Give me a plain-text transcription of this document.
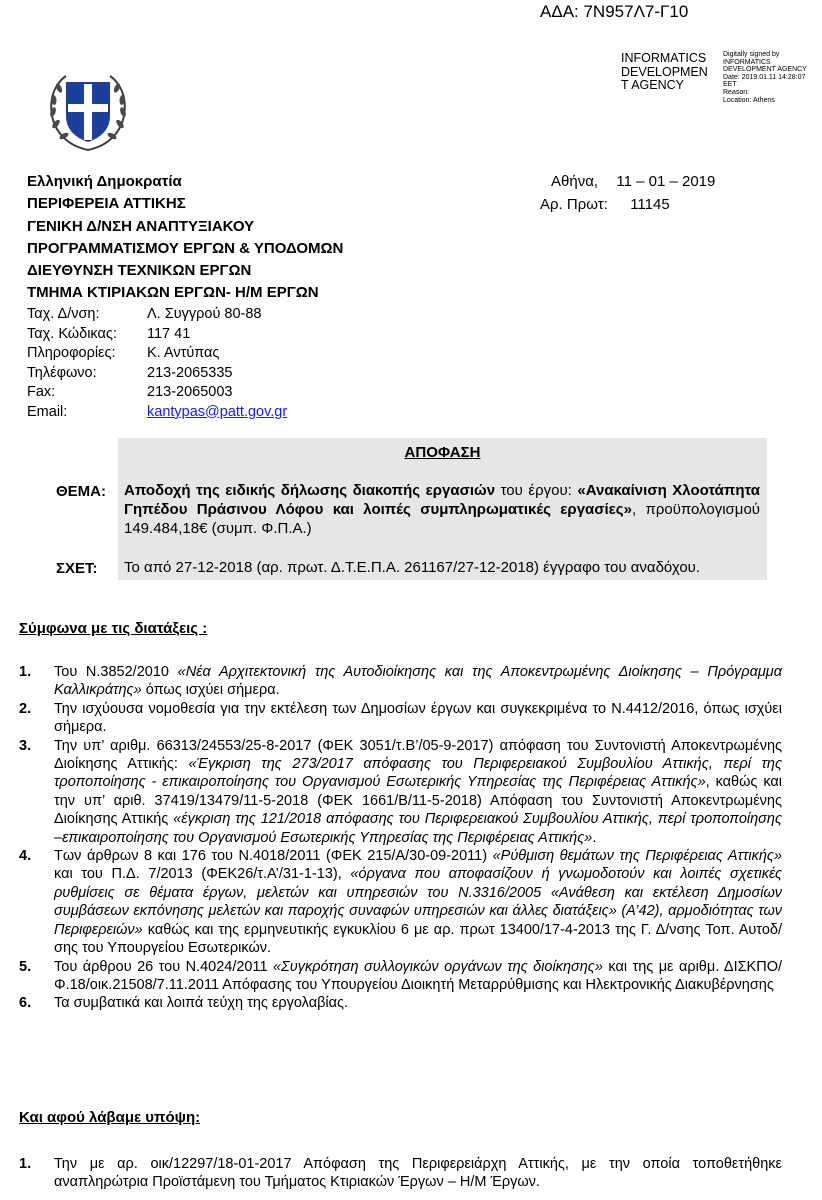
ΑΔΑ: 7Ν957Λ7-Γ10
INFORMATICS
DEVELOPMEN
T AGENCY
Digitally signed by
INFORMATICS
DEVELOPMENT AGENCY
Date: 2019.01.11 14:28:07
EET
Reason:
Location: Athens
Ελληνική Δημοκρατία
ΠΕΡΙΦΕΡΕΙΑ ΑΤΤΙΚΗΣ
ΓΕΝΙΚΗ Δ/ΝΣΗ ΑΝΑΠΤΥΞΙΑΚΟΥ
ΠΡΟΓΡΑΜΜΑΤΙΣΜΟΥ ΕΡΓΩΝ & ΥΠΟΔΟΜΩΝ
ΔΙΕΥΘΥΝΣΗ ΤΕΧΝΙΚΩΝ ΕΡΓΩΝ
ΤΜΗΜΑ ΚΤΙΡΙΑΚΩΝ ΕΡΓΩΝ- Η/Μ ΕΡΓΩΝ
Αθήνα, 11 – 01 – 2019
Αρ. Πρωτ: 11145
Ταχ. Δ/νση:	Λ. Συγγρού 80-88
Ταχ. Κώδικας: 117 41
Πληροφορίες: Κ. Αντύπας
Τηλέφωνο:	213-2065335
Fax:	213-2065003
Email:	kantypas@patt.gov.gr
ΑΠΟΦΑΣΗ
ΘΕΜΑ: Αποδοχή της ειδικής δήλωσης διακοπής εργασιών του έργου: «Ανακαίνιση Χλοοτάπητα Γηπέδου Πράσινου Λόφου και λοιπές συμπληρωματικές εργασίες», προϋπολογισμού 149.484,18€ (συμπ. Φ.Π.Α.)
ΣΧΕΤ: Το από 27-12-2018 (αρ. πρωτ. Δ.Τ.Ε.Π.Α. 261167/27-12-2018) έγγραφο του αναδόχου.
Σύμφωνα με τις διατάξεις :

1. Του Ν.3852/2010 «Νέα Αρχιτεκτονική της Αυτοδιοίκησης και της Αποκεντρωμένης Διοίκησης – Πρόγραμμα Καλλικράτης» όπως ισχύει σήμερα.

2. Την ισχύουσα νομοθεσία για την εκτέλεση των Δημοσίων έργων και συγκεκριμένα το Ν.4412/2016, όπως ισχύει σήμερα.

3. Την υπ’ αριθμ. 66313/24553/25-8-2017 (ΦΕΚ 3051/τ.Β’/05-9-2017) απόφαση του Συντονιστή Αποκεντρωμένης Διοίκησης Αττικής: «Έγκριση της 273/2017 απόφασης του Περιφερειακού Συμβουλίου Αττικής, περί της τροποποίησης - επικαιροποίησης του Οργανισμού Εσωτερικής Υπηρεσίας της Περιφέρειας Αττικής», καθώς και την υπ’ αριθ. 37419/13479/11-5-2018 (ΦΕΚ 1661/Β/11-5-2018) Απόφαση του Συντονιστή Αποκεντρωμένης Διοίκησης Αττικής «έγκριση της 121/2018 απόφασης του Περιφερειακού Συμβουλίου Αττικής, περί τροποποίησης –επικαιροποίησης του Οργανισμού Εσωτερικής Υπηρεσίας της Περιφέρειας Αττικής».

4. Των άρθρων 8 και 176 του Ν.4018/2011 (ΦΕΚ 215/Α/30-09-2011) «Ρύθμιση θεμάτων της Περιφέρειας Αττικής» και του Π.Δ. 7/2013 (ΦΕΚ26/τ.Α’/31-1-13), «όργανα που αποφασίζουν ή γνωμοδοτούν και λοιπές σχετικές ρυθμίσεις σε θέματα έργων, μελετών και υπηρεσιών του Ν.3316/2005 «Ανάθεση και εκτέλεση Δημοσίων συμβάσεων εκπόνησης μελετών και παροχής συναφών υπηρεσιών και άλλες διατάξεις» (Α’42), αρμοδιότητας των Περιφερειών» καθώς και της ερμηνευτικής εγκυκλίου 6 με αρ. πρωτ 13400/17-4-2013 της Γ. Δ/νσης Τοπ. Αυτοδ/σης του Υπουργείου Εσωτερικών.

5. Του άρθρου 26 του Ν.4024/2011 «Συγκρότηση συλλογικών οργάνων της διοίκησης» και της με αριθμ. ΔΙΣΚΠΟ/Φ.18/οικ.21508/7.11.2011 Απόφασης του Υπουργείου Διοικητή Μεταρρύθμισης και Ηλεκτρονικής Διακυβέρνησης

6. Τα συμβατικά και λοιπά τεύχη της εργολαβίας.

Και αφού λάβαμε υπόψη:

1. Την με αρ. οικ/12297/18-01-2017 Απόφαση της Περιφερειάρχη Αττικής, με την οποία τοποθετήθηκε αναπληρώτρια Προϊστάμενη του Τμήματος Κτιριακών Έργων – Η/Μ Έργων.
